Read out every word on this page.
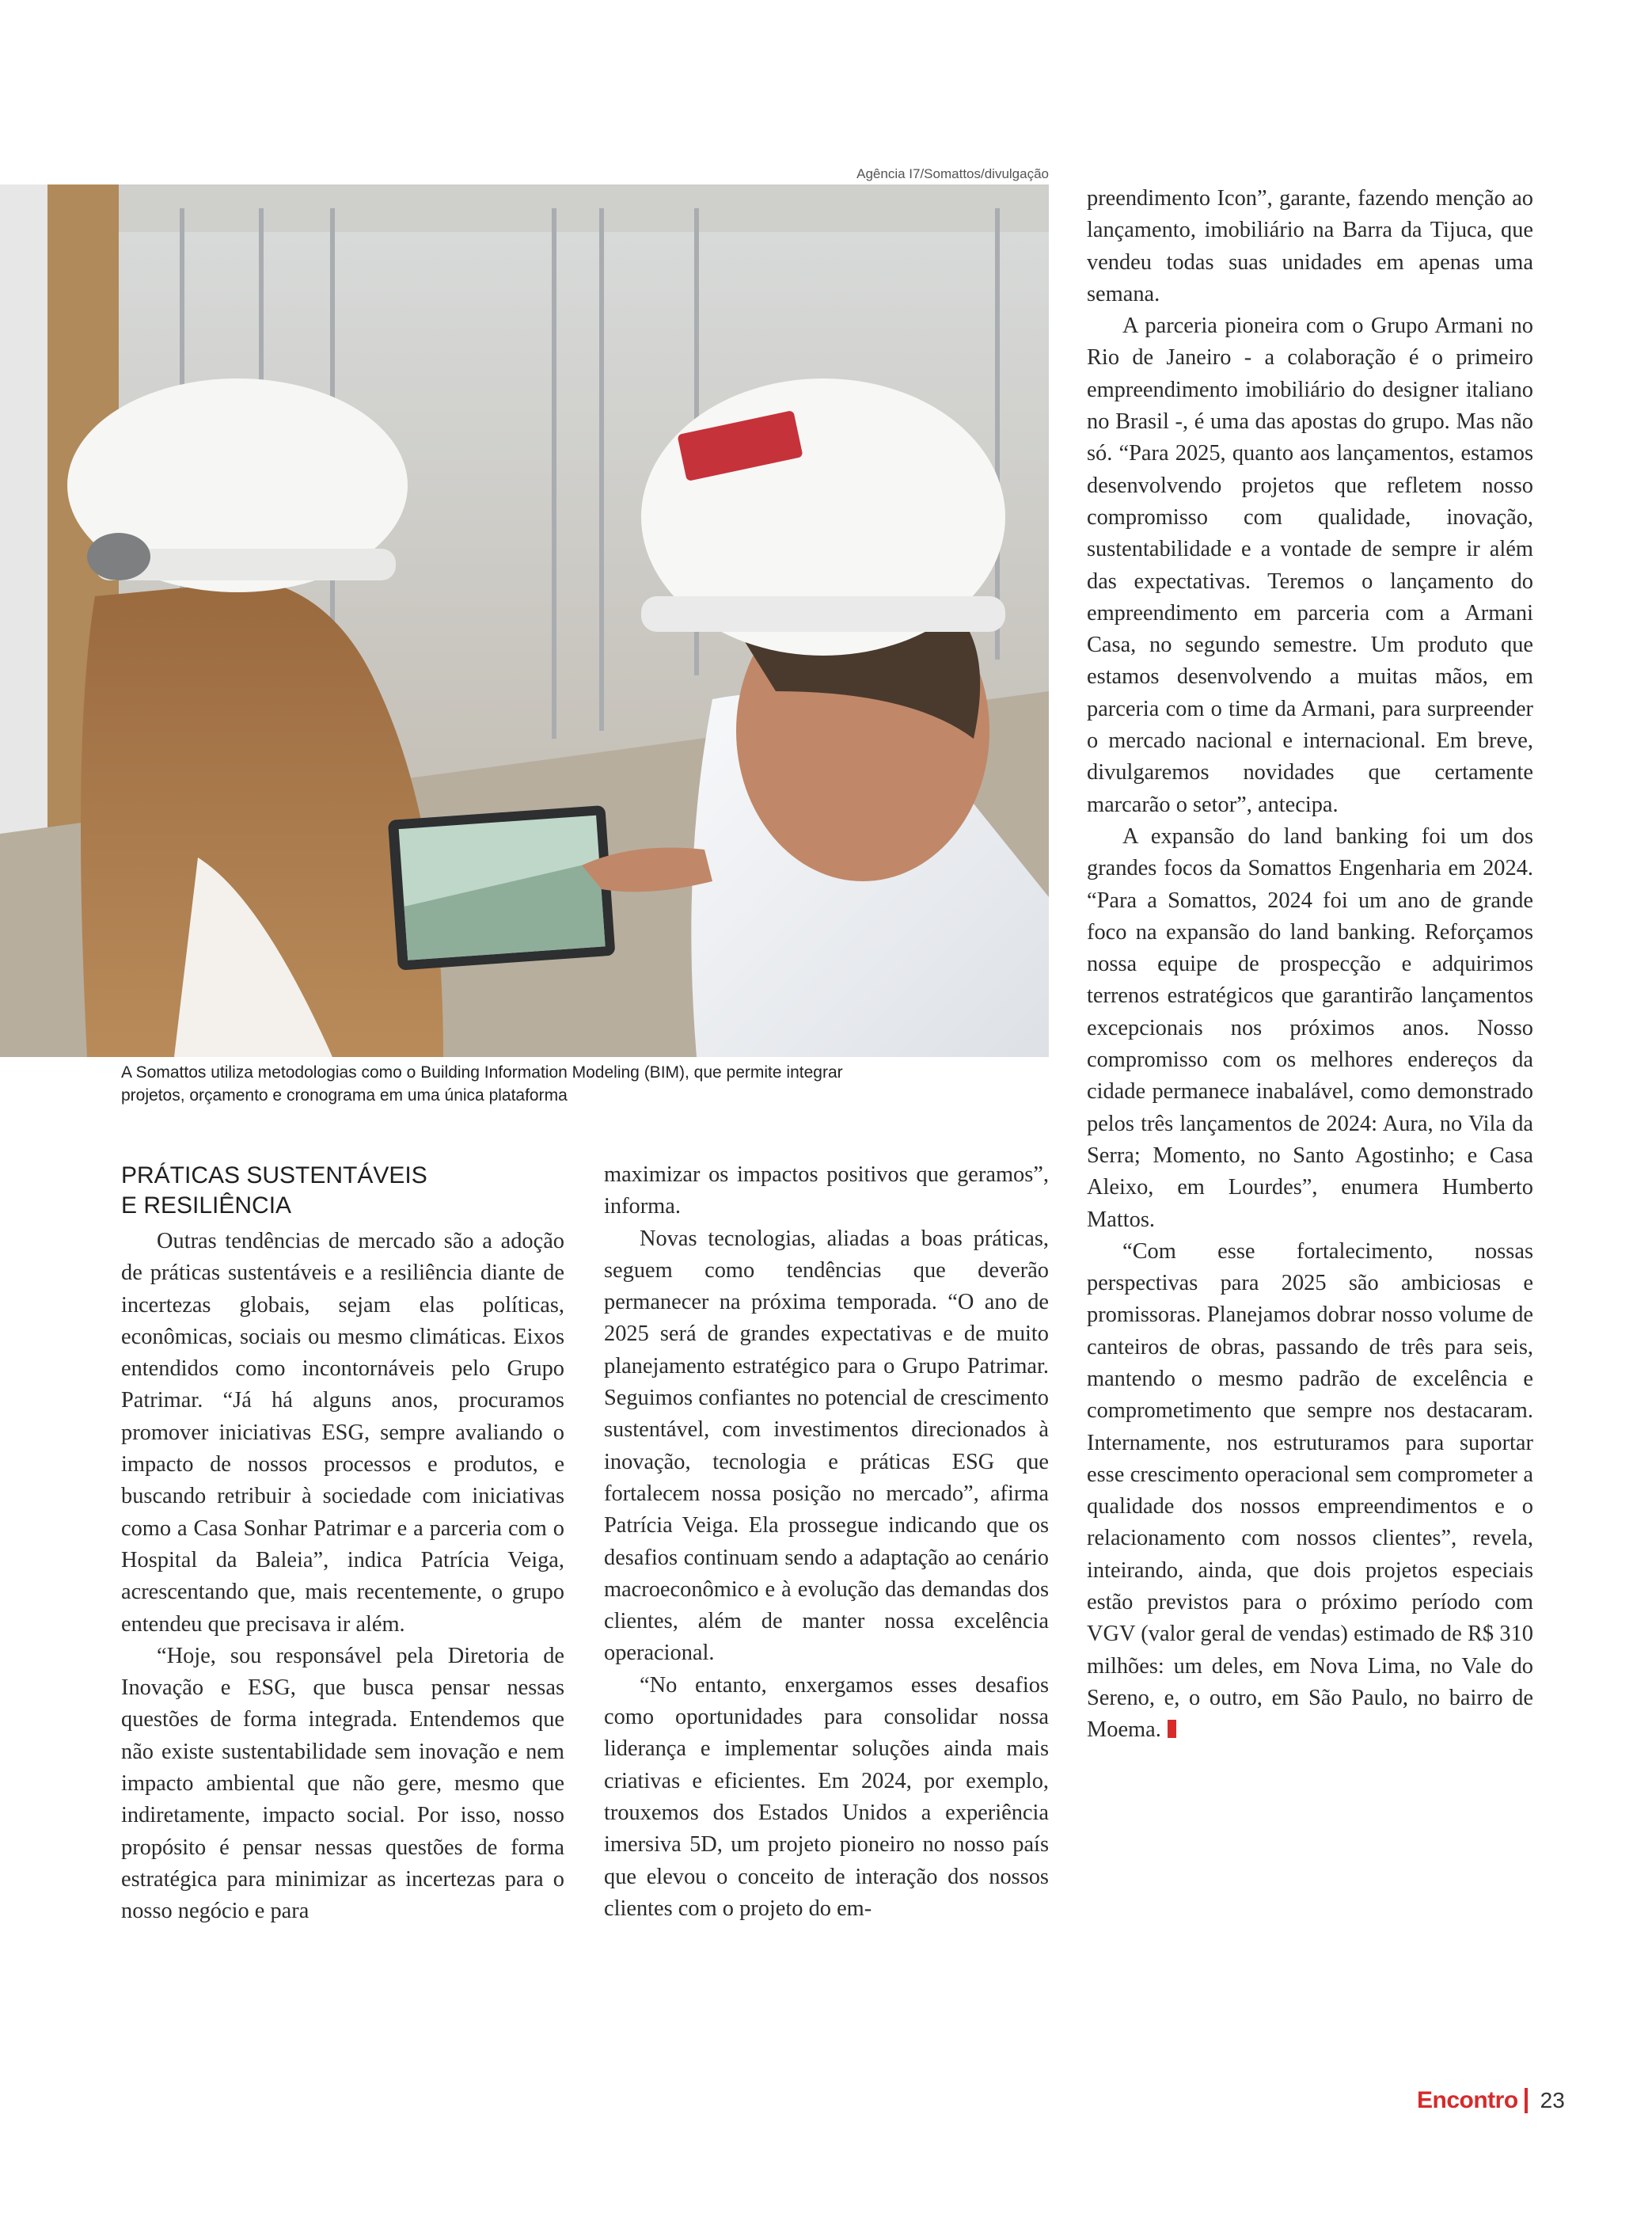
Agência I7/Somattos/divulgação
A Somattos utiliza metodologias como o Building Information Modeling (BIM), que permite integrar projetos, orçamento e cronograma em uma única plataforma
PRÁTICAS SUSTENTÁVEIS
E RESILIÊNCIA

Outras tendências de mercado são a adoção de práticas sustentáveis e a resiliência diante de incertezas globais, sejam elas políticas, econômicas, sociais ou mesmo climáticas. Eixos entendidos como incontornáveis pelo Grupo Patrimar. “Já há alguns anos, procuramos promover iniciativas ESG, sempre avaliando o impacto de nossos processos e produtos, e buscando retribuir à sociedade com iniciativas como a Casa Sonhar Patrimar e a parceria com o Hospital da Baleia”, indica Patrícia Veiga, acrescentando que, mais recentemente, o grupo entendeu que precisava ir além.

“Hoje, sou responsável pela Diretoria de Inovação e ESG, que busca pensar nessas questões de forma integrada. Entendemos que não existe sustentabilidade sem inovação e nem impacto ambiental que não gere, mesmo que indiretamente, impacto social. Por isso, nosso propósito é pensar nessas questões de forma estratégica para minimizar as incertezas para o nosso negócio e para

maximizar os impactos positivos que geramos”, informa.

Novas tecnologias, aliadas a boas práticas, seguem como tendências que deverão permanecer na próxima temporada. “O ano de 2025 será de grandes expectativas e de muito planejamento estratégico para o Grupo Patrimar. Seguimos confiantes no potencial de crescimento sustentável, com investimentos direcionados à inovação, tecnologia e práticas ESG que fortalecem nossa posição no mercado”, afirma Patrícia Veiga. Ela prossegue indicando que os desafios continuam sendo a adaptação ao cenário macroeconômico e à evolução das demandas dos clientes, além de manter nossa excelência operacional.

“No entanto, enxergamos esses desafios como oportunidades para consolidar nossa liderança e implementar soluções ainda mais criativas e eficientes. Em 2024, por exemplo, trouxemos dos Estados Unidos a experiência imersiva 5D, um projeto pioneiro no nosso país que elevou o conceito de interação dos nossos clientes com o projeto do em-

preendimento Icon”, garante, fazendo menção ao lançamento, imobiliário na Barra da Tijuca, que vendeu todas suas unidades em apenas uma semana.

A parceria pioneira com o Grupo Armani no Rio de Janeiro - a colaboração é o primeiro empreendimento imobiliário do designer italiano no Brasil -, é uma das apostas do grupo. Mas não só. “Para 2025, quanto aos lançamentos, estamos desenvolvendo projetos que refletem nosso compromisso com qualidade, inovação, sustentabilidade e a vontade de sempre ir além das expectativas. Teremos o lançamento do empreendimento em parceria com a Armani Casa, no segundo semestre. Um produto que estamos desenvolvendo a muitas mãos, em parceria com o time da Armani, para surpreender o mercado nacional e internacional. Em breve, divulgaremos novidades que certamente marcarão o setor”, antecipa.

A expansão do land banking foi um dos grandes focos da Somattos Engenharia em 2024. “Para a Somattos, 2024 foi um ano de grande foco na expansão do land banking. Reforçamos nossa equipe de prospecção e adquirimos terrenos estratégicos que garantirão lançamentos excepcionais nos próximos anos. Nosso compromisso com os melhores endereços da cidade permanece inabalável, como demonstrado pelos três lançamentos de 2024: Aura, no Vila da Serra; Momento, no Santo Agostinho; e Casa Aleixo, em Lourdes”, enumera Humberto Mattos.

“Com esse fortalecimento, nossas perspectivas para 2025 são ambiciosas e promissoras. Planejamos dobrar nosso volume de canteiros de obras, passando de três para seis, mantendo o mesmo padrão de excelência e comprometimento que sempre nos destacaram. Internamente, nos estruturamos para suportar esse crescimento operacional sem comprometer a qualidade dos nossos empreendimentos e o relacionamento com nossos clientes”, revela, inteirando, ainda, que dois projetos especiais estão previstos para o próximo período com VGV (valor geral de vendas) estimado de R$ 310 milhões: um deles, em Nova Lima, no Vale do Sereno, e, o outro, em São Paulo, no bairro de Moema.

Encontro 23
